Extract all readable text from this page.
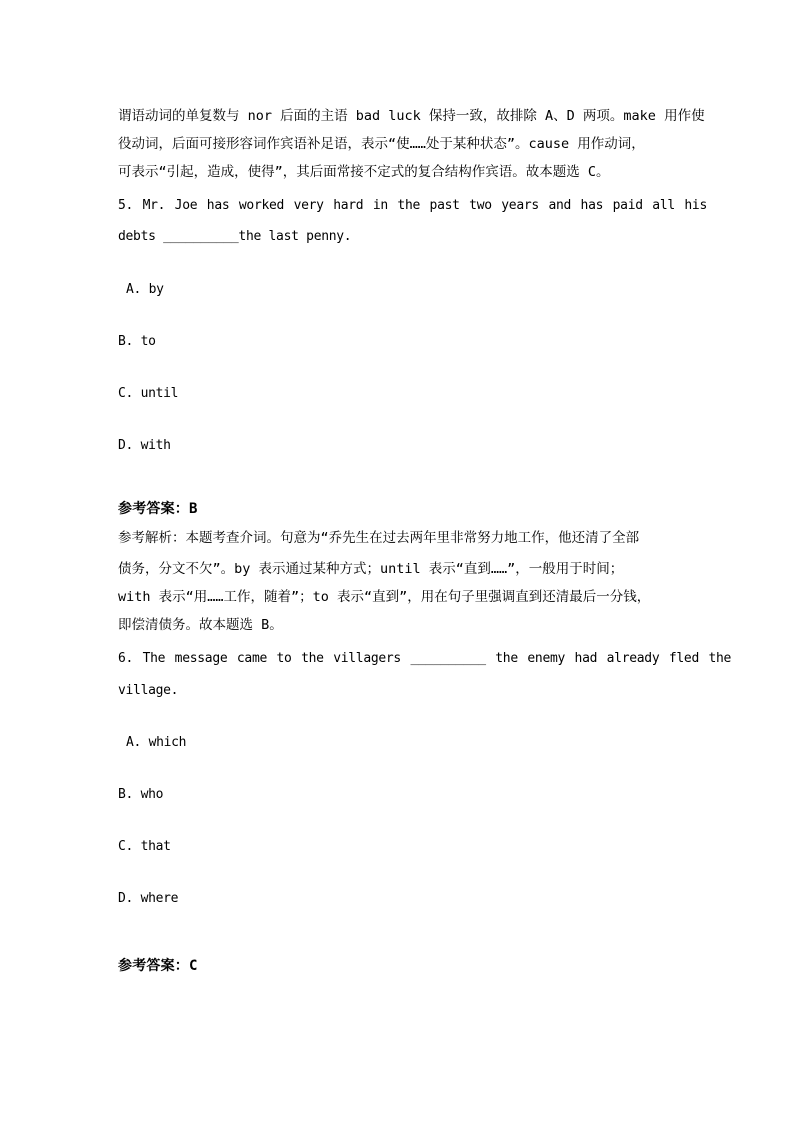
谓语动词的单复数与 nor 后面的主语 bad luck 保持一致，故排除 A、D 两项。make 用作使
役动词，后面可接形容词作宾语补足语，表示“使……处于某种状态”。cause 用作动词，
可表示“引起，造成，使得”，其后面常接不定式的复合结构作宾语。故本题选 C。
5. Mr. Joe has worked very hard in the past two years and has paid all his
debts __________the last penny.
A. by
B. to
C. until
D. with
参考答案：B
参考解析：本题考查介词。句意为“乔先生在过去两年里非常努力地工作，他还清了全部
债务，分文不欠”。by 表示通过某种方式；until 表示“直到……”，一般用于时间；
with 表示“用……工作，随着”；to 表示“直到”，用在句子里强调直到还清最后一分钱，
即偿清债务。故本题选 B。
6. The message came to the villagers __________ the enemy had already fled the
village.
A. which
B. who
C. that
D. where
参考答案：C
